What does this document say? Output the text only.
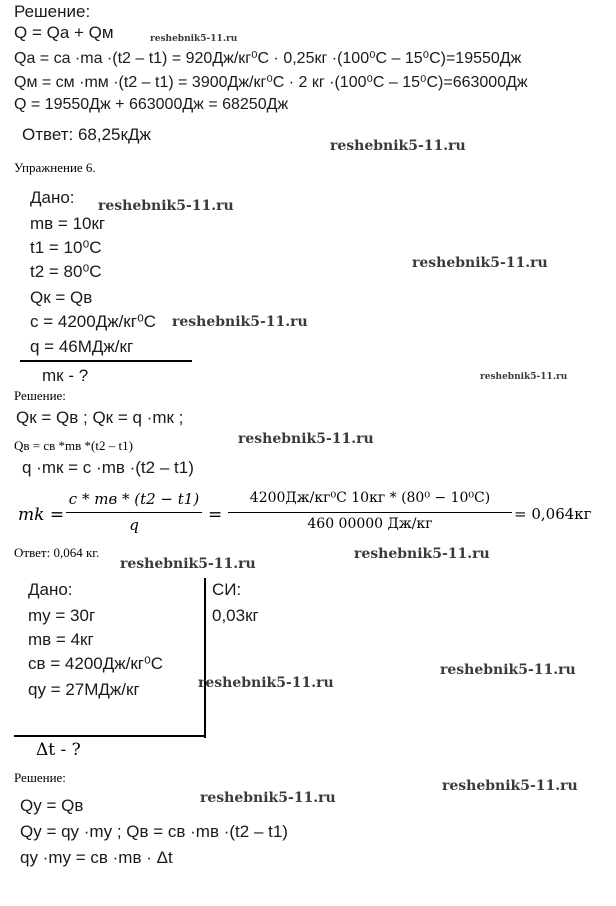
Решение:
Q = Qа + Qм
Qа = cа ·mа ·(t2 – t1) = 920Дж/кг⁰С · 0,25кг ·(100⁰С – 15⁰С)=19550Дж
Qм = cм ·mм ·(t2 – t1) = 3900Дж/кг⁰С · 2 кг ·(100⁰С – 15⁰С)=663000Дж
Q = 19550Дж + 663000Дж = 68250Дж
Ответ: 68,25кДж
Упражнение 6.
Дано:
mв = 10кг
t1 = 10⁰С
t2 = 80⁰С
Qк = Qв
c = 4200Дж/кг⁰С
q = 46МДж/кг
mк - ?
Решение:
Qк = Qв ; Qк = q ·mк ;
Qв = cв *mв *(t2 – t1)
q ·mк = c ·mв ·(t2 – t1)
mk =
c * mв * (t2 − t1)
q	=
4200Дж/кг⁰С 10кг * (80⁰ − 10⁰С)
460 00000 Дж/кг
= 0,064кг
Ответ: 0,064 кг.
Дано:
mу = 30г
mв = 4кг
cв = 4200Дж/кг⁰С
qу = 27МДж/кг
СИ:
0,03кг
Δt - ?
Решение:
Qу = Qв
Qу = qу ·mу ; Qв = cв ·mв ·(t2 – t1)
qу ·mу = cв ·mв · Δt
reshebnik5-11.ru
reshebnik5-11.ru
reshebnik5-11.ru
reshebnik5-11.ru
reshebnik5-11.ru
reshebnik5-11.ru
reshebnik5-11.ru
reshebnik5-11.ru
reshebnik5-11.ru
reshebnik5-11.ru
reshebnik5-11.ru
reshebnik5-11.ru
reshebnik5-11.ru
